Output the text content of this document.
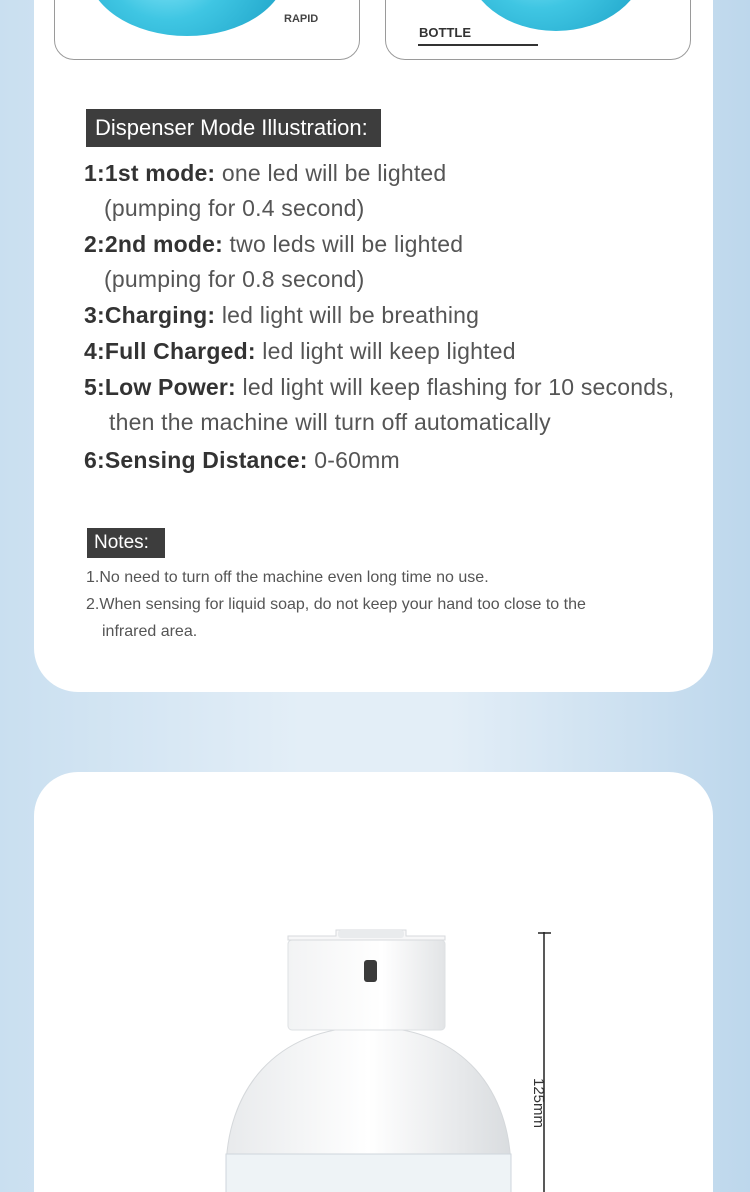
RAPID
BOTTLE
Dispenser Mode Illustration:
1:1st mode: one led will be lighted
(pumping for 0.4 second)
2:2nd mode: two leds will be lighted
(pumping for 0.8 second)
3:Charging: led light will be breathing
4:Full Charged: led light will keep lighted
5:Low Power: led light will keep flashing for 10 seconds,
then the machine will turn off automatically
6:Sensing Distance: 0-60mm
Notes:
1.No need to turn off the machine even long time no use.
2.When sensing for liquid soap, do not keep your hand too close to the
infrared area.
125mm
